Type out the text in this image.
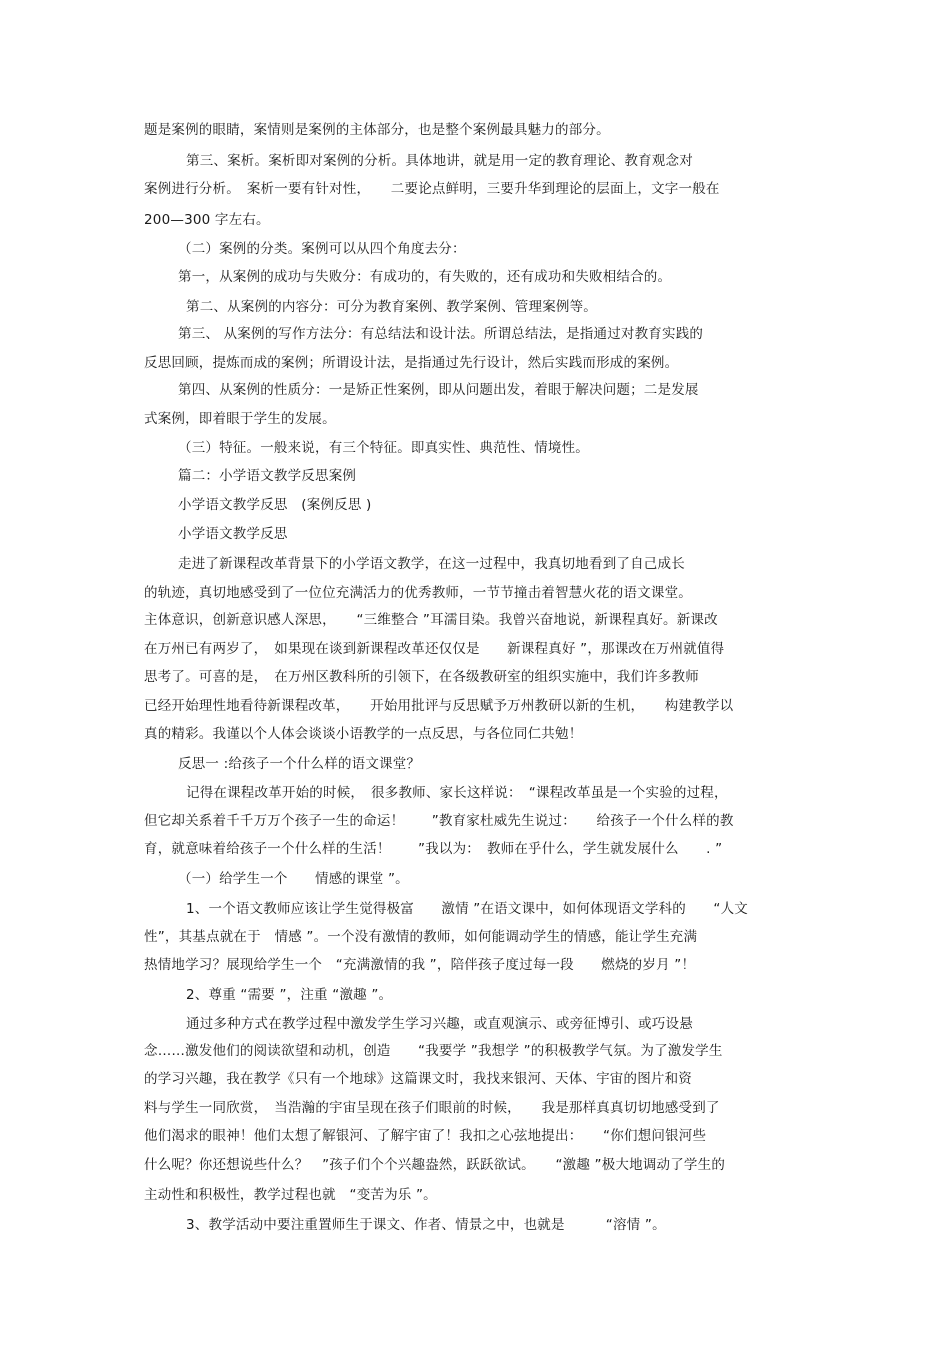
题是案例的眼睛，案情则是案例的主体部分，也是整个案例最具魅力的部分。
第三、案析。案析即对案例的分析。具体地讲，就是用一定的教育理论、教育观念对
案例进行分析。　案析一要有针对性，　　二要论点鲜明，三要升华到理论的层面上，文字一般在
200—300 字左右。
（二）案例的分类。案例可以从四个角度去分：
第一，从案例的成功与失败分：有成功的，有失败的，还有成功和失败相结合的。
第二、从案例的内容分：可分为教育案例、教学案例、管理案例等。
第三、 从案例的写作方法分：有总结法和设计法。所谓总结法，是指通过对教育实践的
反思回顾，提炼而成的案例；所谓设计法，是指通过先行设计，然后实践而形成的案例。
第四、从案例的性质分：一是矫正性案例，即从问题出发，着眼于解决问题；二是发展
式案例，即着眼于学生的发展。
（三）特征。一般来说，有三个特征。即真实性、典范性、情境性。
篇二：小学语文教学反思案例
小学语文教学反思　(案例反思 )
小学语文教学反思
走进了新课程改革背景下的小学语文教学，在这一过程中，我真切地看到了自己成长
的轨迹，真切地感受到了一位位充满活力的优秀教师，一节节撞击着智慧火花的语文课堂。
主体意识，创新意识感人深思，　　“三维整合 ”耳濡目染。我曾兴奋地说，新课程真好。新课改
在万州已有两岁了，　如果现在谈到新课程改革还仅仅是　　新课程真好 ”，那课改在万州就值得
思考了。可喜的是，　在万州区教科所的引领下，在各级教研室的组织实施中，我们许多教师
已经开始理性地看待新课程改革，　　开始用批评与反思赋予万州教研以新的生机，　　构建教学以
真的精彩。我谨以个人体会谈谈小语教学的一点反思，与各位同仁共勉！
反思一 :给孩子一个什么样的语文课堂？
记得在课程改革开始的时候，　很多教师、家长这样说：　“课程改革虽是一个实验的过程，
但它却关系着千千万万个孩子一生的命运！　　”教育家杜威先生说过：　　给孩子一个什么样的教
育，就意味着给孩子一个什么样的生活！　　”我以为：　教师在乎什么，学生就发展什么　　. ”
（一）给学生一个　　情感的课堂 ”。
1、一个语文教师应该让学生觉得极富　　激情 ”在语文课中，如何体现语文学科的　　“人文
性”，其基点就在于　情感 ”。一个没有激情的教师，如何能调动学生的情感，能让学生充满
热情地学习？展现给学生一个　“充满激情的我 ”，陪伴孩子度过每一段　　燃烧的岁月 ”！
2、尊重 “需要 ”，注重 “激趣 ”。
通过多种方式在教学过程中激发学生学习兴趣，或直观演示、或旁征博引、或巧设悬
念……激发他们的阅读欲望和动机，创造　　“我要学 ”我想学 ”的积极教学气氛。为了激发学生
的学习兴趣，我在教学《只有一个地球》这篇课文时，我找来银河、天体、宇宙的图片和资
料与学生一同欣赏，　当浩瀚的宇宙呈现在孩子们眼前的时候，　　我是那样真真切切地感受到了
他们渴求的眼神！他们太想了解银河、了解宇宙了！我扣之心弦地提出：　　“你们想问银河些
什么呢？你还想说些什么？　”孩子们个个兴趣盎然，跃跃欲试。　　“激趣 ”极大地调动了学生的
主动性和积极性，教学过程也就　“变苦为乐 ”。
3、教学活动中要注重置师生于课文、作者、情景之中，也就是　　　“溶情 ”。
